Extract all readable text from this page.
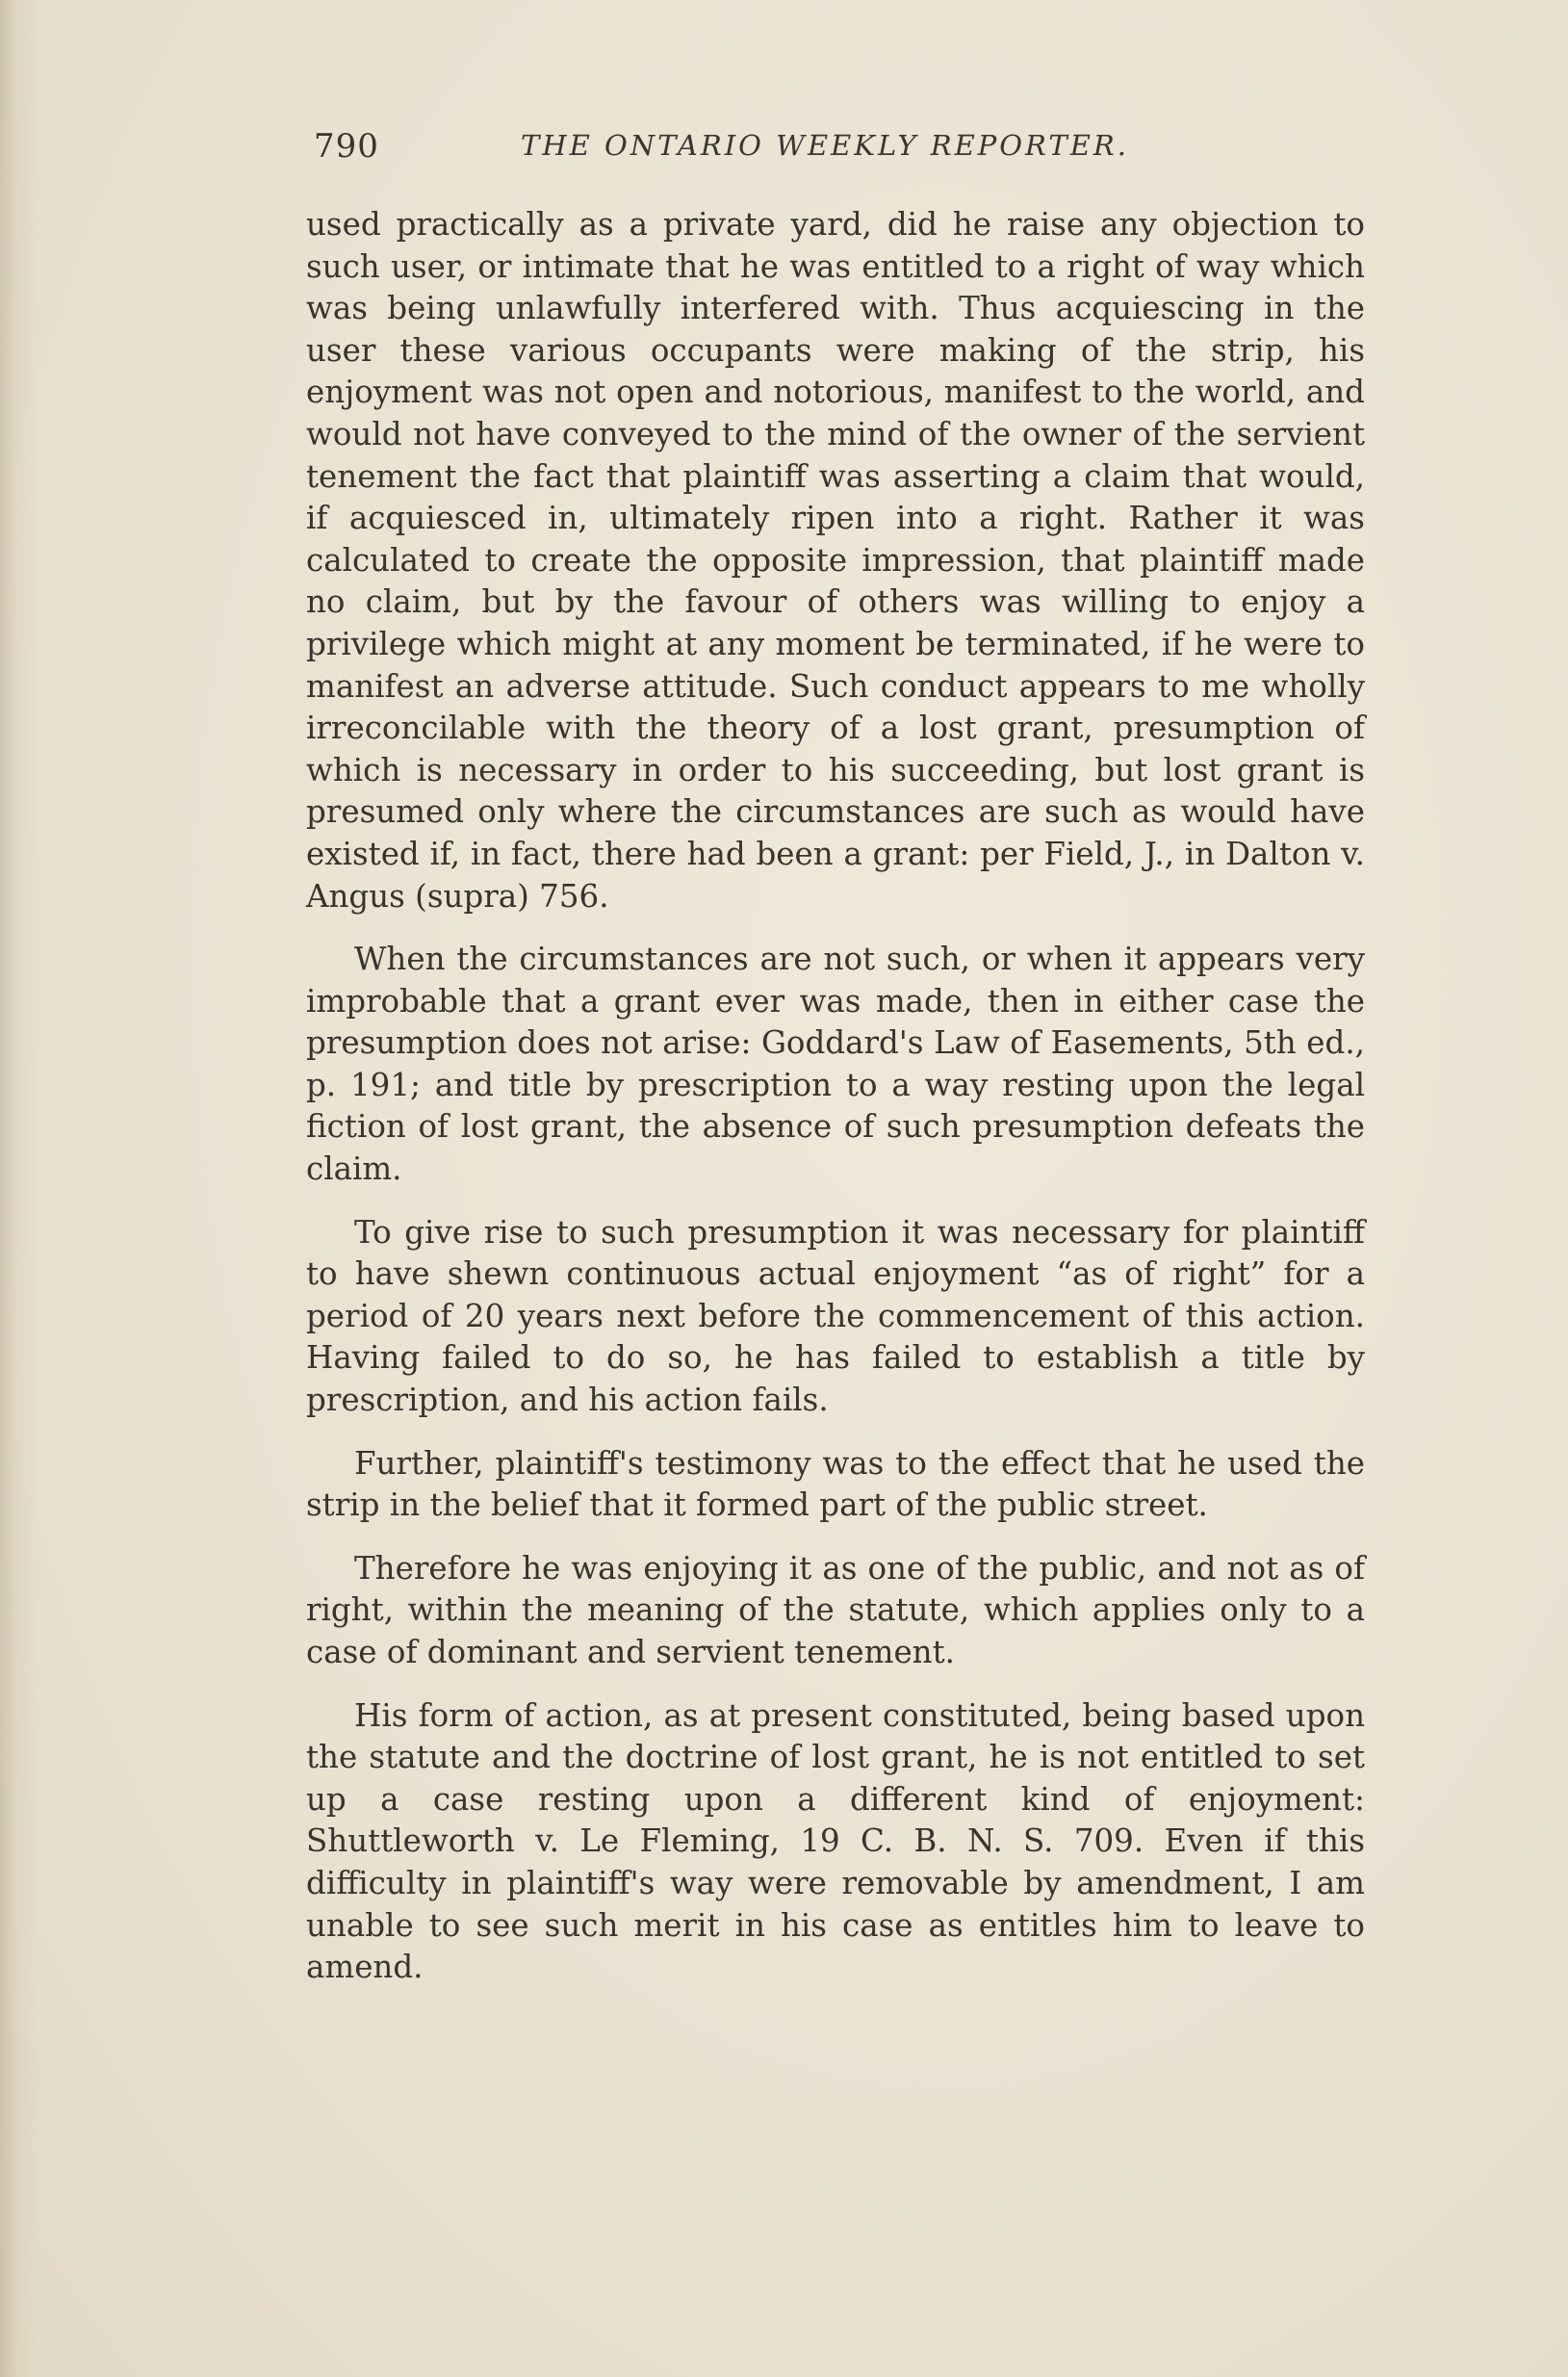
790	THE ONTARIO WEEKLY REPORTER.

used practically as a private yard, did he raise any objection to such user, or intimate that he was entitled to a right of way which was being unlawfully interfered with. Thus acquiescing in the user these various occupants were making of the strip, his enjoyment was not open and notorious, manifest to the world, and would not have conveyed to the mind of the owner of the servient tenement the fact that plaintiff was asserting a claim that would, if acquiesced in, ultimately ripen into a right. Rather it was calculated to create the opposite impression, that plaintiff made no claim, but by the favour of others was willing to enjoy a privilege which might at any moment be terminated, if he were to manifest an adverse attitude. Such conduct appears to me wholly irreconcilable with the theory of a lost grant, presumption of which is necessary in order to his succeeding, but lost grant is presumed only where the circumstances are such as would have existed if, in fact, there had been a grant: per Field, J., in Dalton v. Angus (supra) 756.

When the circumstances are not such, or when it appears very improbable that a grant ever was made, then in either case the presumption does not arise: Goddard's Law of Easements, 5th ed., p. 191; and title by prescription to a way resting upon the legal fiction of lost grant, the absence of such presumption defeats the claim.

To give rise to such presumption it was necessary for plaintiff to have shewn continuous actual enjoyment “as of right” for a period of 20 years next before the commencement of this action. Having failed to do so, he has failed to establish a title by prescription, and his action fails.

Further, plaintiff's testimony was to the effect that he used the strip in the belief that it formed part of the public street.

Therefore he was enjoying it as one of the public, and not as of right, within the meaning of the statute, which applies only to a case of dominant and servient tenement.

His form of action, as at present constituted, being based upon the statute and the doctrine of lost grant, he is not entitled to set up a case resting upon a different kind of enjoyment: Shuttleworth v. Le Fleming, 19 C. B. N. S. 709. Even if this difficulty in plaintiff's way were removable by amendment, I am unable to see such merit in his case as entitles him to leave to amend.
